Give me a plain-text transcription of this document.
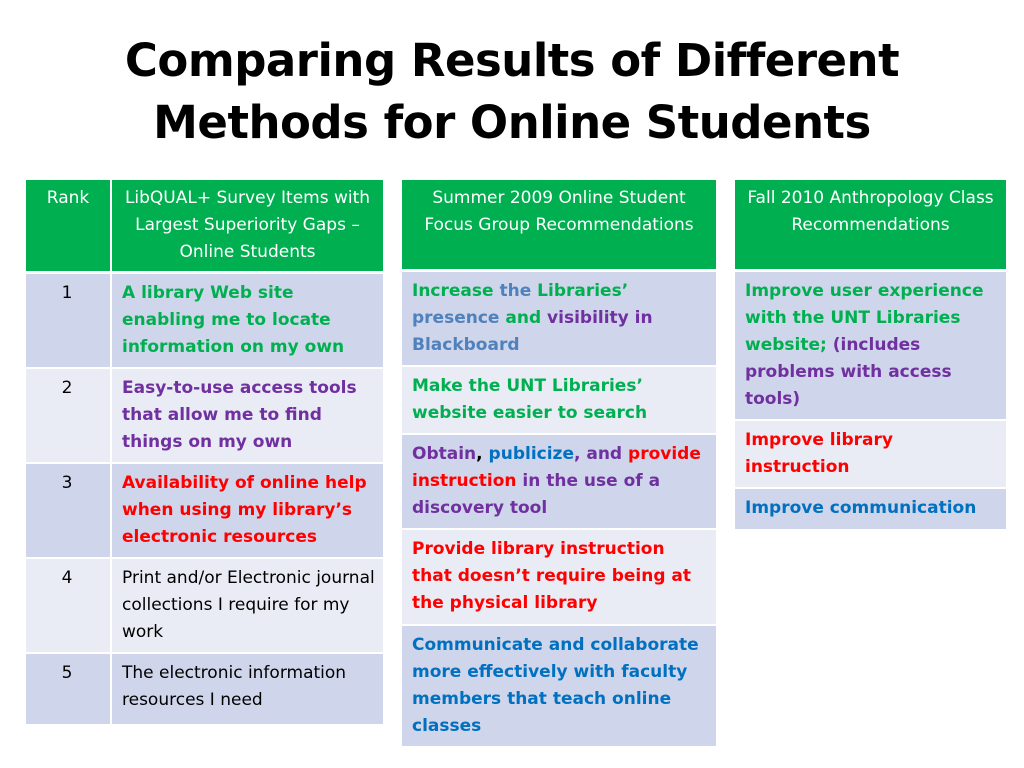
Comparing Results of Different
Methods for Online Students
Rank	LibQUAL+ Survey Items with Largest Superiority Gaps – Online Students
1	A library Web site enabling me to locate information on my own
2	Easy-to-use access tools that allow me to find things on my own
3	Availability of online help when using my library’s electronic resources
4	Print and/or Electronic journal collections I require for my work
5	The electronic information resources I need
Summer 2009 Online Student Focus Group Recommendations
Increase the Libraries’ presence and visibility in Blackboard
Make the UNT Libraries’ website easier to search
Obtain, publicize, and provide instruction in the use of a discovery tool
Provide library instruction that doesn’t require being at the physical library
Communicate and collaborate more effectively with faculty members that teach online classes
Fall 2010 Anthropology Class Recommendations
Improve user experience with the UNT Libraries website; (includes problems with access tools)
Improve library instruction
Improve communication
